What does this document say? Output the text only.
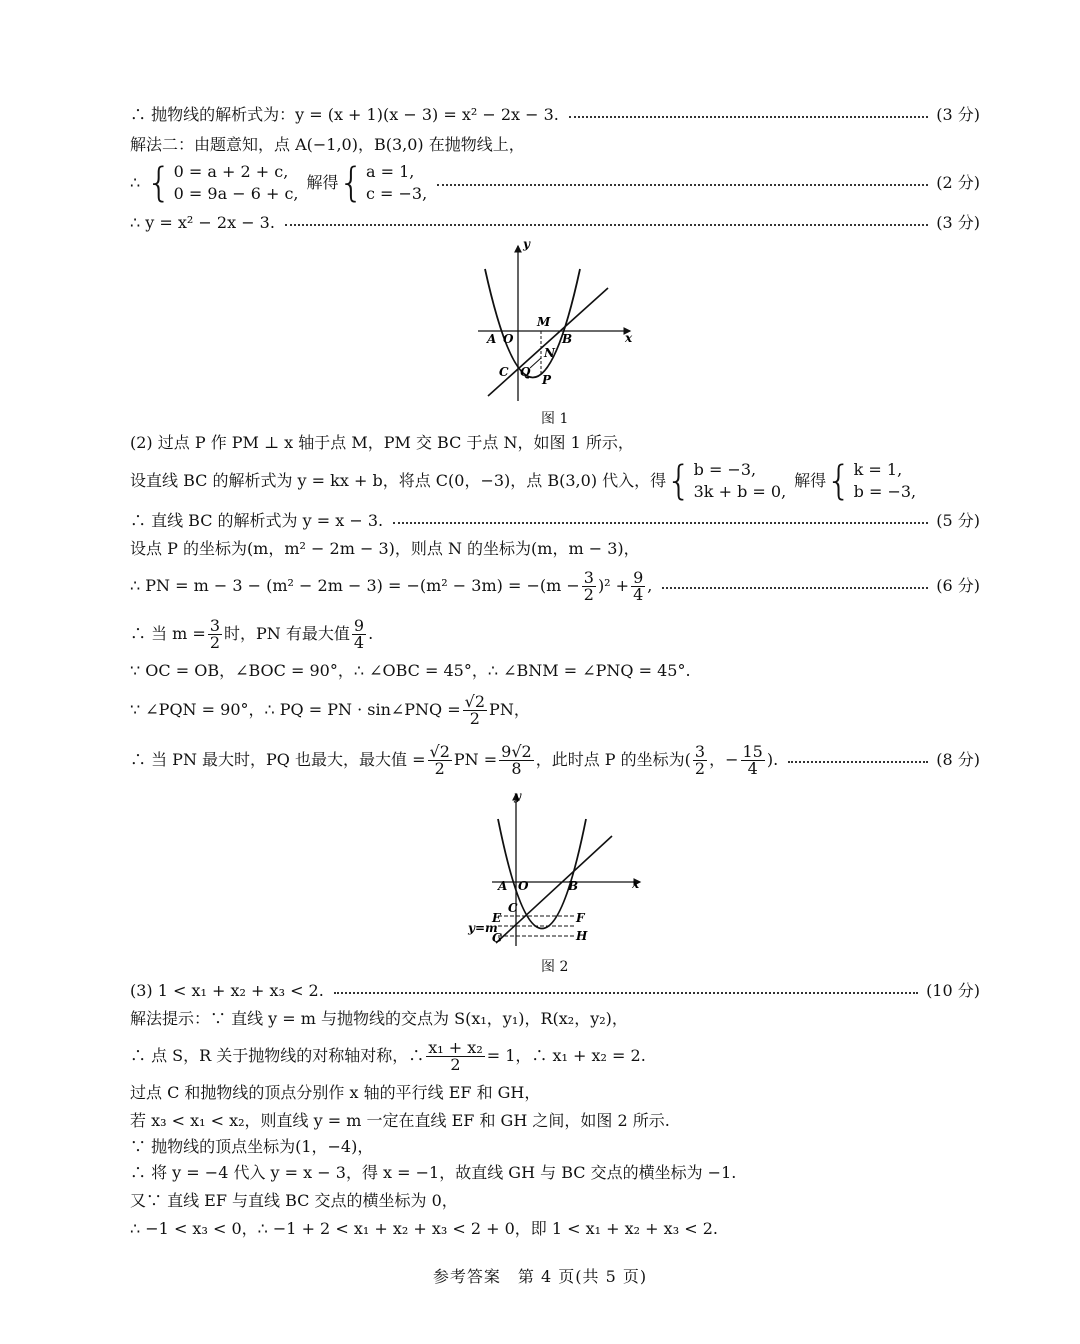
∴ 抛物线的解析式为：y = (x + 1)(x − 3) = x² − 2x − 3.	(3 分)
解法二：由题意知，点 A(−1,0)，B(3,0) 在抛物线上，
∴ { 0 = a + 2 + c,
0 = 9a − 6 + c,
解得 { a = 1,
c = −3,
(2 分)
∴ y = x² − 2x − 3.	(3 分)
y
x
A O	B
M
N
C Q
P
图 1
(2) 过点 P 作 PM ⊥ x 轴于点 M，PM 交 BC 于点 N，如图 1 所示，
设直线 BC 的解析式为 y = kx + b，将点 C(0，−3)，点 B(3,0) 代入，得 { b = −3,
3k + b = 0,
解得 { k = 1,
b = −3,
∴ 直线 BC 的解析式为 y = x − 3.	(5 分)
设点 P 的坐标为(m，m² − 2m − 3)，则点 N 的坐标为(m，m − 3)，
∴ PN = $m - 3 - (m^2 - 2m - 3) = -(m^2 - 3m) = -(m - \frac{3}{2} )^2 + \frac{9}{4}$ ,	(6 分)
∴ 当 $m = \frac{3}{2}$ 时，PN 有最大值 $\frac{9}{4}$ .
∵ OC = OB，∠BOC = 90°，∴ ∠OBC = 45°，∴ ∠BNM = ∠PNQ = 45°.
∵ ∠PQN = 90°，∴ PQ = PN · sin∠PNQ = $\frac{√2}{2}$ PN，
∴ 当 PN 最大时，PQ 也最大，最大值 = $\frac{√2}{2}$ PN = $\frac{9√2}{8}$ ，此时点 P 的坐标为( $\frac{3}{2}$ ，− $\frac{15}{4}$ ).	(8 分)
y
x
A O	B
C
E	F
y=m
G	H
图 2
(3) 1 < x₁ + x₂ + x₃ < 2.	(10 分)
解法提示：∵ 直线 y = m 与抛物线的交点为 S(x₁，y₁)，R(x₂，y₂)，
∴ 点 S，R 关于抛物线的对称轴对称，∴ $\frac{\text{x₁ + x₂}}{2} = 1$，∴ x₁ + x₂ = 2.
过点 C 和抛物线的顶点分别作 x 轴的平行线 EF 和 GH，
若 x₃ < x₁ < x₂，则直线 y = m 一定在直线 EF 和 GH 之间，如图 2 所示.
∵ 抛物线的顶点坐标为(1，−4)，
∴ 将 y = −4 代入 y = x − 3，得 x = −1，故直线 GH 与 BC 交点的横坐标为 −1.
又∵ 直线 EF 与直线 BC 交点的横坐标为 0，
∴ −1 < x₃ < 0，∴ −1 + 2 < x₁ + x₂ + x₃ < 2 + 0，即 1 < x₁ + x₂ + x₃ < 2.
参考答案　第 4 页(共 5 页)
